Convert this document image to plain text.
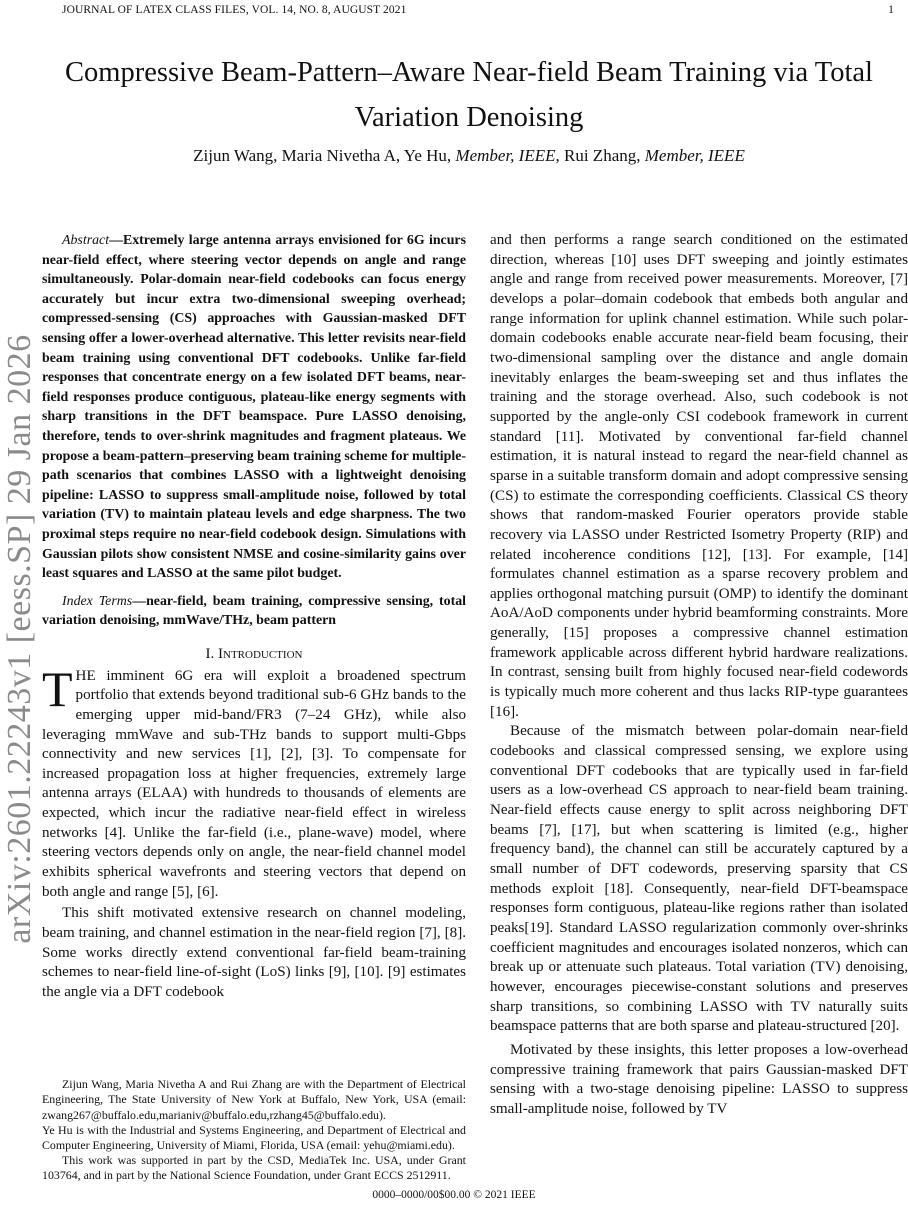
JOURNAL OF LATEX CLASS FILES, VOL. 14, NO. 8, AUGUST 2021	1
arXiv:2601.22243v1 [eess.SP] 29 Jan 2026
Compressive Beam-Pattern–Aware Near-field Beam Training via Total Variation Denoising
Zijun Wang, Maria Nivetha A, Ye Hu, Member, IEEE, Rui Zhang, Member, IEEE

Abstract—Extremely large antenna arrays envisioned for 6G incurs near-field effect, where steering vector depends on angle and range simultaneously. Polar-domain near-field codebooks can focus energy accurately but incur extra two-dimensional sweeping overhead; compressed-sensing (CS) approaches with Gaussian-masked DFT sensing offer a lower-overhead alternative. This letter revisits near-field beam training using conventional DFT codebooks. Unlike far-field responses that concentrate energy on a few isolated DFT beams, near-field responses produce contiguous, plateau-like energy segments with sharp transitions in the DFT beamspace. Pure LASSO denoising, therefore, tends to over-shrink magnitudes and fragment plateaus. We propose a beam-pattern–preserving beam training scheme for multiple-path scenarios that combines LASSO with a lightweight denoising pipeline: LASSO to suppress small-amplitude noise, followed by total variation (TV) to maintain plateau levels and edge sharpness. The two proximal steps require no near-field codebook design. Simulations with Gaussian pilots show consistent NMSE and cosine-similarity gains over least squares and LASSO at the same pilot budget.

Index Terms—near-field, beam training, compressive sensing, total variation denoising, mmWave/THz, beam pattern

I. Introduction

THE imminent 6G era will exploit a broadened spectrum portfolio that extends beyond traditional sub-6 GHz bands to the emerging upper mid-band/FR3 (7–24 GHz), while also leveraging mmWave and sub-THz bands to support multi-Gbps connectivity and new services [1], [2], [3]. To compensate for increased propagation loss at higher frequencies, extremely large antenna arrays (ELAA) with hundreds to thousands of elements are expected, which incur the radiative near-field effect in wireless networks [4]. Unlike the far-field (i.e., plane-wave) model, where steering vectors depends only on angle, the near-field channel model exhibits spherical wavefronts and steering vectors that depend on both angle and range [5], [6].

This shift motivated extensive research on channel modeling, beam training, and channel estimation in the near-field region [7], [8]. Some works directly extend conventional far-field beam-training schemes to near-field line-of-sight (LoS) links [9], [10]. [9] estimates the angle via a DFT codebook

Zijun Wang, Maria Nivetha A and Rui Zhang are with the Department of Electrical Engineering, The State University of New York at Buffalo, New York, USA (email: zwang267@buffalo.edu,marianiv@buffalo.edu,rzhang45@buffalo.edu).

Ye Hu is with the Industrial and Systems Engineering, and Department of Electrical and Computer Engineering, University of Miami, Florida, USA (email: yehu@miami.edu).

This work was supported in part by the CSD, MediaTek Inc. USA, under Grant 103764, and in part by the National Science Foundation, under Grant ECCS 2512911.

and then performs a range search conditioned on the estimated direction, whereas [10] uses DFT sweeping and jointly estimates angle and range from received power measurements. Moreover, [7] develops a polar–domain codebook that embeds both angular and range information for uplink channel estimation. While such polar-domain codebooks enable accurate near-field beam focusing, their two-dimensional sampling over the distance and angle domain inevitably enlarges the beam-sweeping set and thus inflates the training and the storage overhead. Also, such codebook is not supported by the angle-only CSI codebook framework in current standard [11]. Motivated by conventional far-field channel estimation, it is natural instead to regard the near-field channel as sparse in a suitable transform domain and adopt compressive sensing (CS) to estimate the corresponding coefficients. Classical CS theory shows that random-masked Fourier operators provide stable recovery via LASSO under Restricted Isometry Property (RIP) and related incoherence conditions [12], [13]. For example, [14] formulates channel estimation as a sparse recovery problem and applies orthogonal matching pursuit (OMP) to identify the dominant AoA/AoD components under hybrid beamforming constraints. More generally, [15] proposes a compressive channel estimation framework applicable across different hybrid hardware realizations. In contrast, sensing built from highly focused near-field codewords is typically much more coherent and thus lacks RIP-type guarantees [16].

Because of the mismatch between polar-domain near-field codebooks and classical compressed sensing, we explore using conventional DFT codebooks that are typically used in far-field users as a low-overhead CS approach to near-field beam training. Near-field effects cause energy to split across neighboring DFT beams [7], [17], but when scattering is limited (e.g., higher frequency band), the channel can still be accurately captured by a small number of DFT codewords, preserving sparsity that CS methods exploit [18]. Consequently, near-field DFT-beamspace responses form contiguous, plateau-like regions rather than isolated peaks[19]. Standard LASSO regularization commonly over-shrinks coefficient magnitudes and encourages isolated nonzeros, which can break up or attenuate such plateaus. Total variation (TV) denoising, however, encourages piecewise-constant solutions and preserves sharp transitions, so combining LASSO with TV naturally suits beamspace patterns that are both sparse and plateau-structured [20].

Motivated by these insights, this letter proposes a low-overhead compressive training framework that pairs Gaussian-masked DFT sensing with a two-stage denoising pipeline: LASSO to suppress small-amplitude noise, followed by TV

0000–0000/00$00.00 © 2021 IEEE
